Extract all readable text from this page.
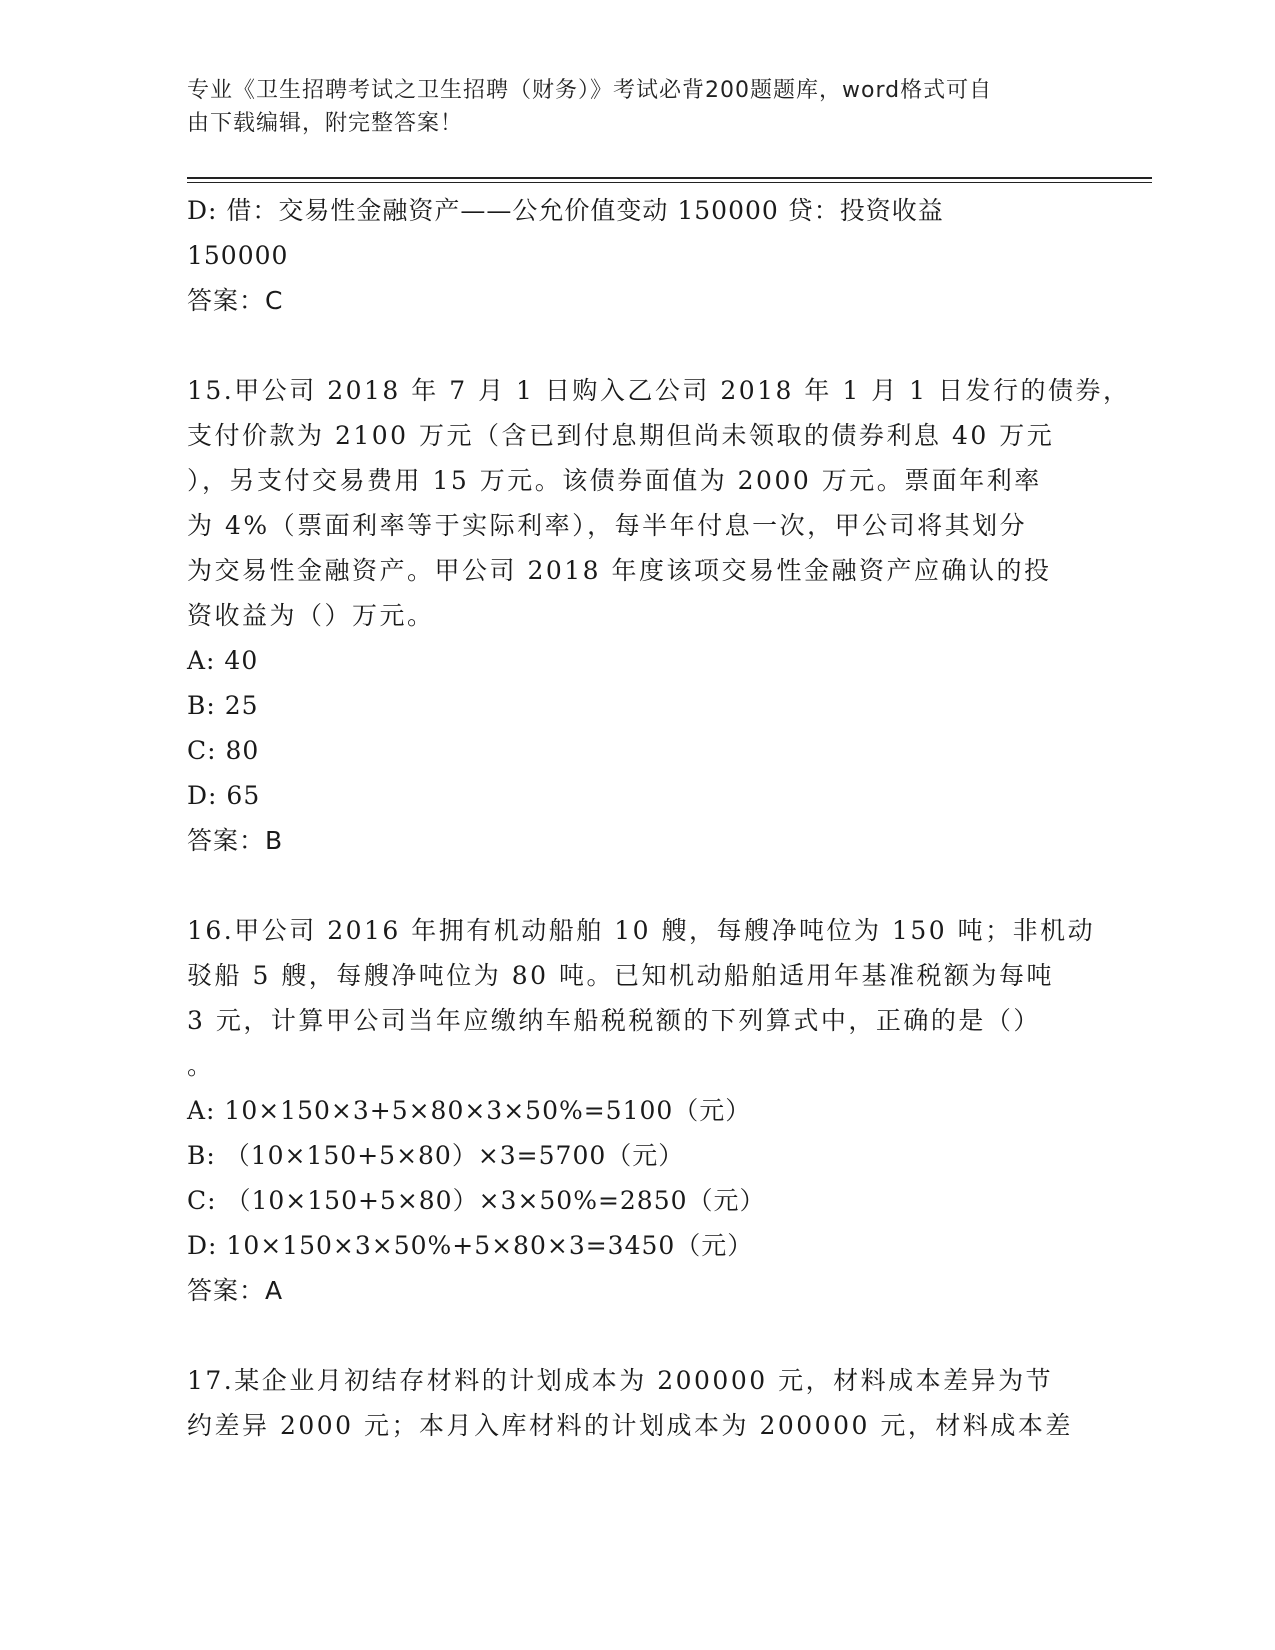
专业《卫生招聘考试之卫生招聘（财务）》考试必背200题题库，word格式可自
由下载编辑，附完整答案！
D: 借：交易性金融资产——公允价值变动 150000 贷：投资收益
150000
答案：C
15.甲公司 2018 年 7 月 1 日购入乙公司 2018 年 1 月 1 日发行的债券，
支付价款为 2100 万元（含已到付息期但尚未领取的债券利息 40 万元
），另支付交易费用 15 万元。该债券面值为 2000 万元。票面年利率
为 4%（票面利率等于实际利率），每半年付息一次，甲公司将其划分
为交易性金融资产。甲公司 2018 年度该项交易性金融资产应确认的投
资收益为（）万元。
A: 40
B: 25
C: 80
D: 65
答案：B
16.甲公司 2016 年拥有机动船舶 10 艘，每艘净吨位为 150 吨；非机动
驳船 5 艘，每艘净吨位为 80 吨。已知机动船舶适用年基准税额为每吨
3 元，计算甲公司当年应缴纳车船税税额的下列算式中，正确的是（）
。
A: 10×150×3+5×80×3×50%=5100（元）
B: （10×150+5×80）×3=5700（元）
C: （10×150+5×80）×3×50%=2850（元）
D: 10×150×3×50%+5×80×3=3450（元）
答案：A
17.某企业月初结存材料的计划成本为 200000 元，材料成本差异为节
约差异 2000 元；本月入库材料的计划成本为 200000 元，材料成本差
